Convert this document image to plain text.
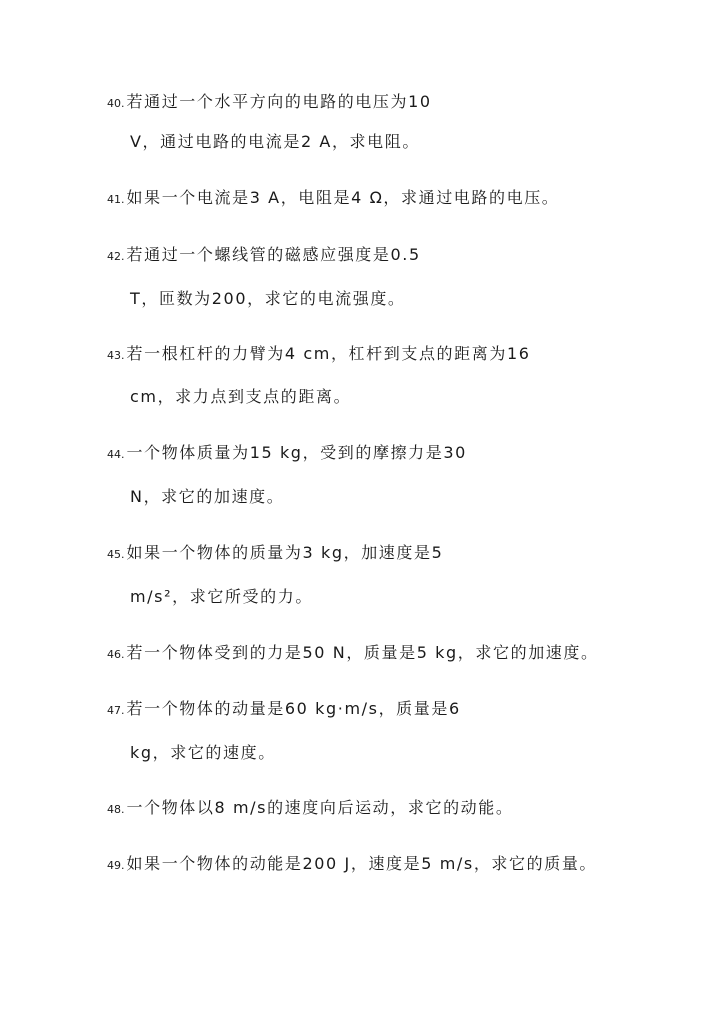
40. 若通过一个水平方向的电路的电压为10
V，通过电路的电流是2 A，求电阻。
41. 如果一个电流是3 A，电阻是4 Ω，求通过电路的电压。
42. 若通过一个螺线管的磁感应强度是0.5
T，匝数为200，求它的电流强度。
43. 若一根杠杆的力臂为4 cm，杠杆到支点的距离为16
cm，求力点到支点的距离。
44. 一个物体质量为15 kg，受到的摩擦力是30
N，求它的加速度。
45. 如果一个物体的质量为3 kg，加速度是5
m/s²，求它所受的力。
46. 若一个物体受到的力是50 N，质量是5 kg，求它的加速度。
47. 若一个物体的动量是60 kg·m/s，质量是6
kg，求它的速度。
48. 一个物体以8 m/s的速度向后运动，求它的动能。
49. 如果一个物体的动能是200 J，速度是5 m/s，求它的质量。
